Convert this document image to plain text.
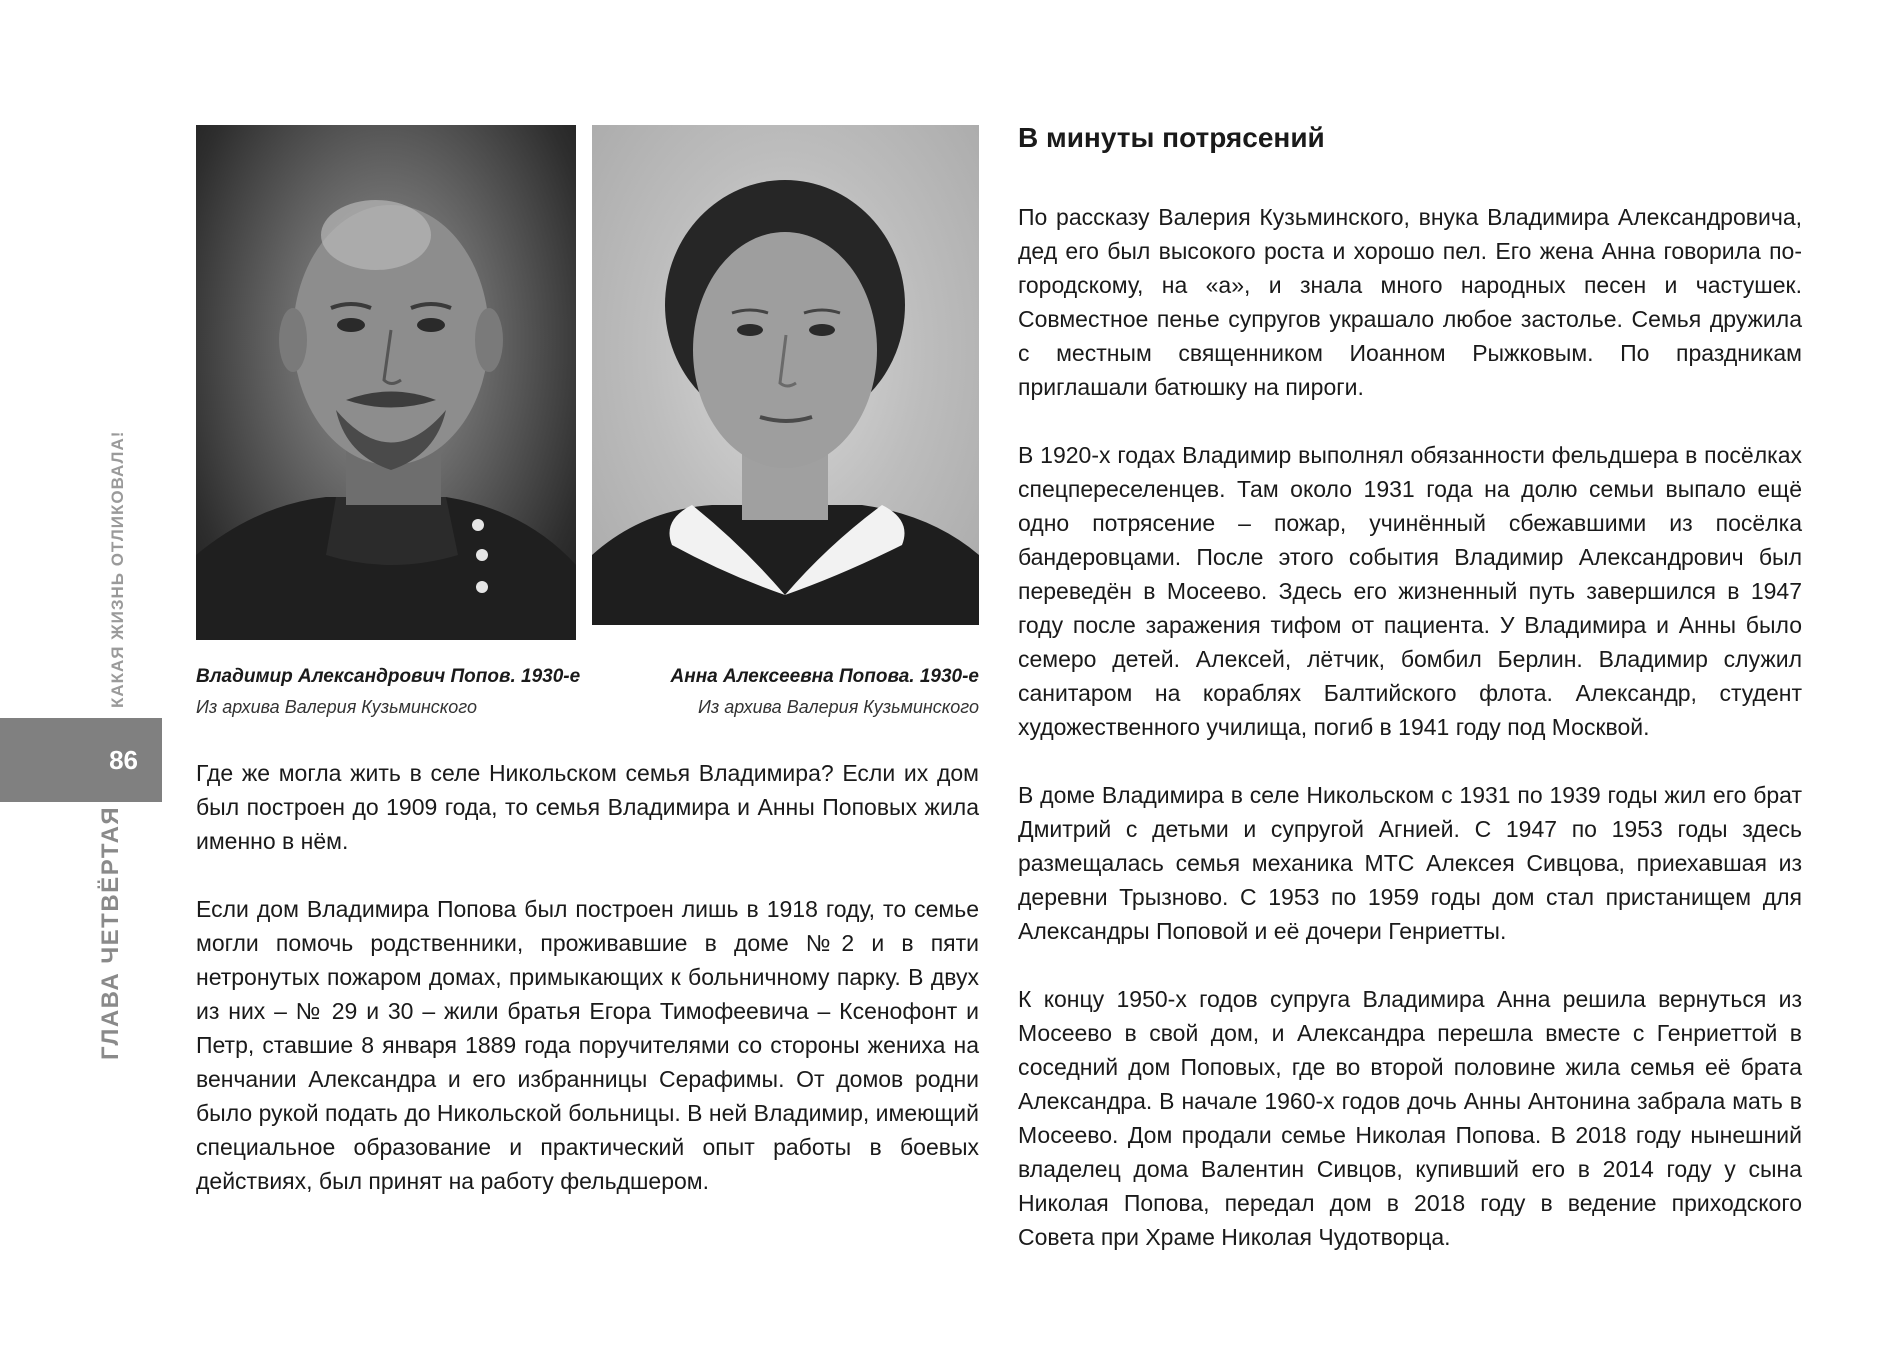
ГЛАВА ЧЕТВЁРТАЯ
КАКАЯ ЖИЗНЬ ОТЛИКОВАЛА!
86
Владимир Александрович Попов. 1930-е
Из архива Валерия Кузьминского
Анна Алексеевна Попова. 1930-е
Из архива Валерия Кузьминского

Где же могла жить в селе Никольском семья Владимира? Если их дом был построен до 1909 года, то семья Владимира и Анны Поповых жила именно в нём.

Если дом Владимира Попова был построен лишь в 1918 году, то семье могли помочь родственники, проживавшие в доме №2 и в пяти нетронутых пожаром домах, примыкающих к больничному парку. В двух из них – № 29 и 30 – жили братья Егора Тимофеевича – Ксенофонт и Петр, ставшие 8 января 1889 года поручителями со стороны жениха на венчании Александра и его избранницы Серафимы. От домов родни было рукой подать до Никольской больницы. В ней Владимир, имеющий специальное образование и практический опыт работы в боевых действиях, был принят на работу фельдшером.

В минуты потрясений

По рассказу Валерия Кузьминского, внука Владимира Александровича, дед его был высокого роста и хорошо пел. Его жена Анна говорила по-городскому, на «а», и знала много народных песен и частушек. Совместное пенье супругов украшало любое застолье. Семья дружила с местным священником Иоанном Рыжковым. По праздникам приглашали батюшку на пироги.

В 1920-х годах Владимир выполнял обязанности фельдшера в посёлках спецпереселенцев. Там около 1931 года на долю семьи выпало ещё одно потрясение – пожар, учинённый сбежавшими из посёлка бандеровцами. После этого события Владимир Александрович был переведён в Мосеево. Здесь его жизненный путь завершился в 1947 году после заражения тифом от пациента. У Владимира и Анны было семеро детей. Алексей, лётчик, бомбил Берлин. Владимир служил санитаром на кораблях Балтийского флота. Александр, студент художественного училища, погиб в 1941 году под Москвой.

В доме Владимира в селе Никольском с 1931 по 1939 годы жил его брат Дмитрий с детьми и супругой Агнией. С 1947 по 1953 годы здесь размещалась семья механика МТС Алексея Сивцова, приехавшая из деревни Трызново. С 1953 по 1959 годы дом стал пристанищем для Александры Поповой и её дочери Генриетты.

К концу 1950-х годов супруга Владимира Анна решила вернуться из Мосеево в свой дом, и Александра перешла вместе с Генриеттой в соседний дом Поповых, где во второй половине жила семья её брата Александра. В начале 1960-х годов дочь Анны Антонина забрала мать в Мосеево. Дом продали семье Николая Попова. В 2018 году нынешний владелец дома Валентин Сивцов, купивший его в 2014 году у сына Николая Попова, передал дом в 2018 году в ведение приходского Совета при Храме Николая Чудотворца.
